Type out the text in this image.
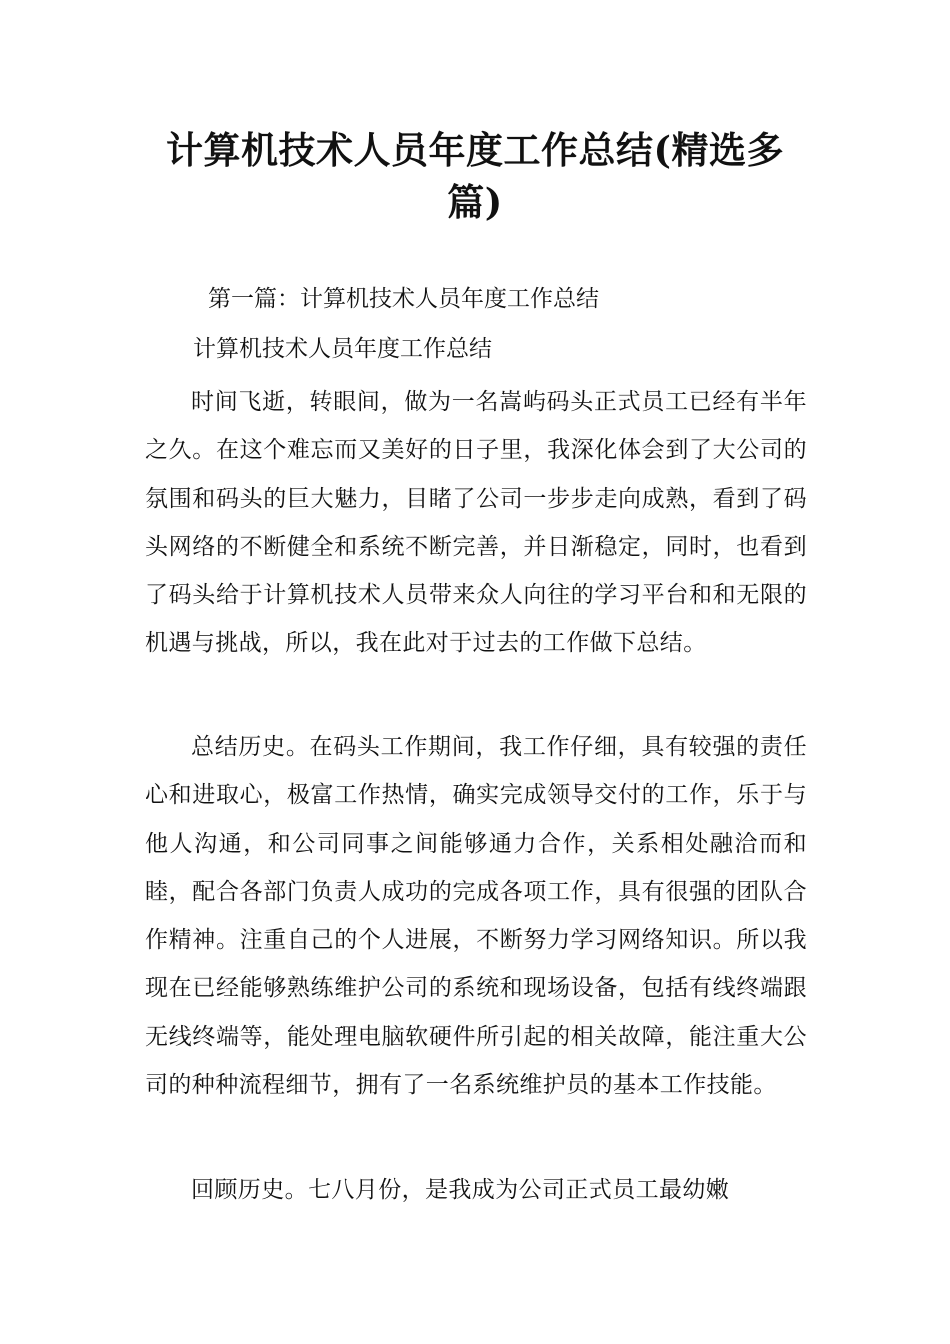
计算机技术人员年度工作总结(精选多篇)

第一篇：计算机技术人员年度工作总结

计算机技术人员年度工作总结

时间飞逝，转眼间，做为一名嵩屿码头正式员工已经有半年之久。在这个难忘而又美好的日子里，我深化体会到了大公司的氛围和码头的巨大魅力，目睹了公司一步步走向成熟，看到了码头网络的不断健全和系统不断完善，并日渐稳定，同时，也看到了码头给于计算机技术人员带来众人向往的学习平台和和无限的机遇与挑战，所以，我在此对于过去的工作做下总结。

总结历史。在码头工作期间，我工作仔细，具有较强的责任心和进取心，极富工作热情，确实完成领导交付的工作，乐于与他人沟通，和公司同事之间能够通力合作，关系相处融洽而和睦，配合各部门负责人成功的完成各项工作，具有很强的团队合作精神。注重自己的个人进展，不断努力学习网络知识。所以我现在已经能够熟练维护公司的系统和现场设备，包括有线终端跟无线终端等，能处理电脑软硬件所引起的相关故障，能注重大公司的种种流程细节，拥有了一名系统维护员的基本工作技能。

回顾历史。七八月份，是我成为公司正式员工最幼嫩
